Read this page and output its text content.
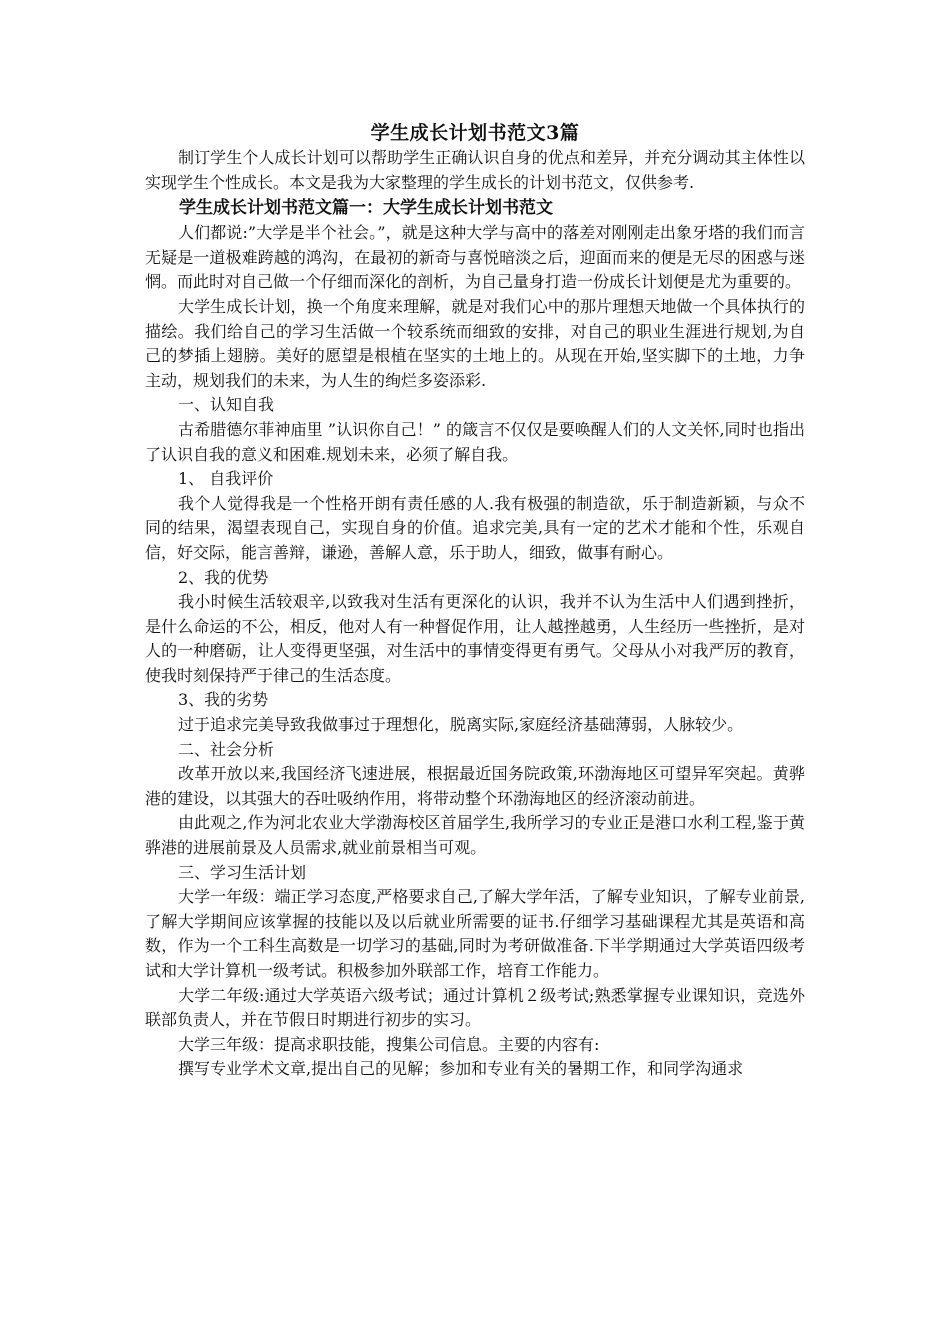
学生成长计划书范文3篇

制订学生个人成长计划可以帮助学生正确认识自身的优点和差异，并充分调动其主体性以实现学生个性成长。本文是我为大家整理的学生成长的计划书范文，仅供参考.

学生成长计划书范文篇一：大学生成长计划书范文

人们都说:”大学是半个社会。”，就是这种大学与高中的落差对刚刚走出象牙塔的我们而言无疑是一道极难跨越的鸿沟，在最初的新奇与喜悦暗淡之后，迎面而来的便是无尽的困惑与迷惘。而此时对自己做一个仔细而深化的剖析，为自己量身打造一份成长计划便是尤为重要的。

大学生成长计划，换一个角度来理解，就是对我们心中的那片理想天地做一个具体执行的描绘。我们给自己的学习生活做一个较系统而细致的安排，对自己的职业生涯进行规划,为自己的梦插上翅膀。美好的愿望是根植在坚实的土地上的。从现在开始,坚实脚下的土地，力争主动，规划我们的未来，为人生的绚烂多姿添彩.

一、认知自我

古希腊德尔菲神庙里 ”认识你自己！” 的箴言不仅仅是要唤醒人们的人文关怀,同时也指出了认识自我的意义和困难.规划未来，必须了解自我。

1、 自我评价

我个人觉得我是一个性格开朗有责任感的人.我有极强的制造欲，乐于制造新颖，与众不同的结果，渴望表现自己，实现自身的价值。追求完美,具有一定的艺术才能和个性，乐观自信，好交际，能言善辩，谦逊，善解人意，乐于助人，细致，做事有耐心。

2、我的优势

我小时候生活较艰辛,以致我对生活有更深化的认识，我并不认为生活中人们遇到挫折，是什么命运的不公，相反，他对人有一种督促作用，让人越挫越勇，人生经历一些挫折，是对人的一种磨砺，让人变得更坚强，对生活中的事情变得更有勇气。父母从小对我严厉的教育，使我时刻保持严于律己的生活态度。

3、我的劣势

过于追求完美导致我做事过于理想化，脱离实际,家庭经济基础薄弱，人脉较少。

二、社会分析

改革开放以来,我国经济飞速进展，根据最近国务院政策,环渤海地区可望异军突起。黄骅港的建设，以其强大的吞吐吸纳作用，将带动整个环渤海地区的经济滚动前进。

由此观之,作为河北农业大学渤海校区首届学生,我所学习的专业正是港口水利工程,鉴于黄骅港的进展前景及人员需求,就业前景相当可观。

三、学习生活计划

大学一年级：端正学习态度,严格要求自己,了解大学年活，了解专业知识，了解专业前景,了解大学期间应该掌握的技能以及以后就业所需要的证书.仔细学习基础课程尤其是英语和高数，作为一个工科生高数是一切学习的基础,同时为考研做准备.下半学期通过大学英语四级考试和大学计算机一级考试。积极参加外联部工作，培育工作能力。

大学二年级:通过大学英语六级考试；通过计算机２级考试;熟悉掌握专业课知识，竞选外联部负责人，并在节假日时期进行初步的实习。

大学三年级：提高求职技能，搜集公司信息。主要的内容有:

撰写专业学术文章,提出自己的见解；参加和专业有关的暑期工作，和同学沟通求
